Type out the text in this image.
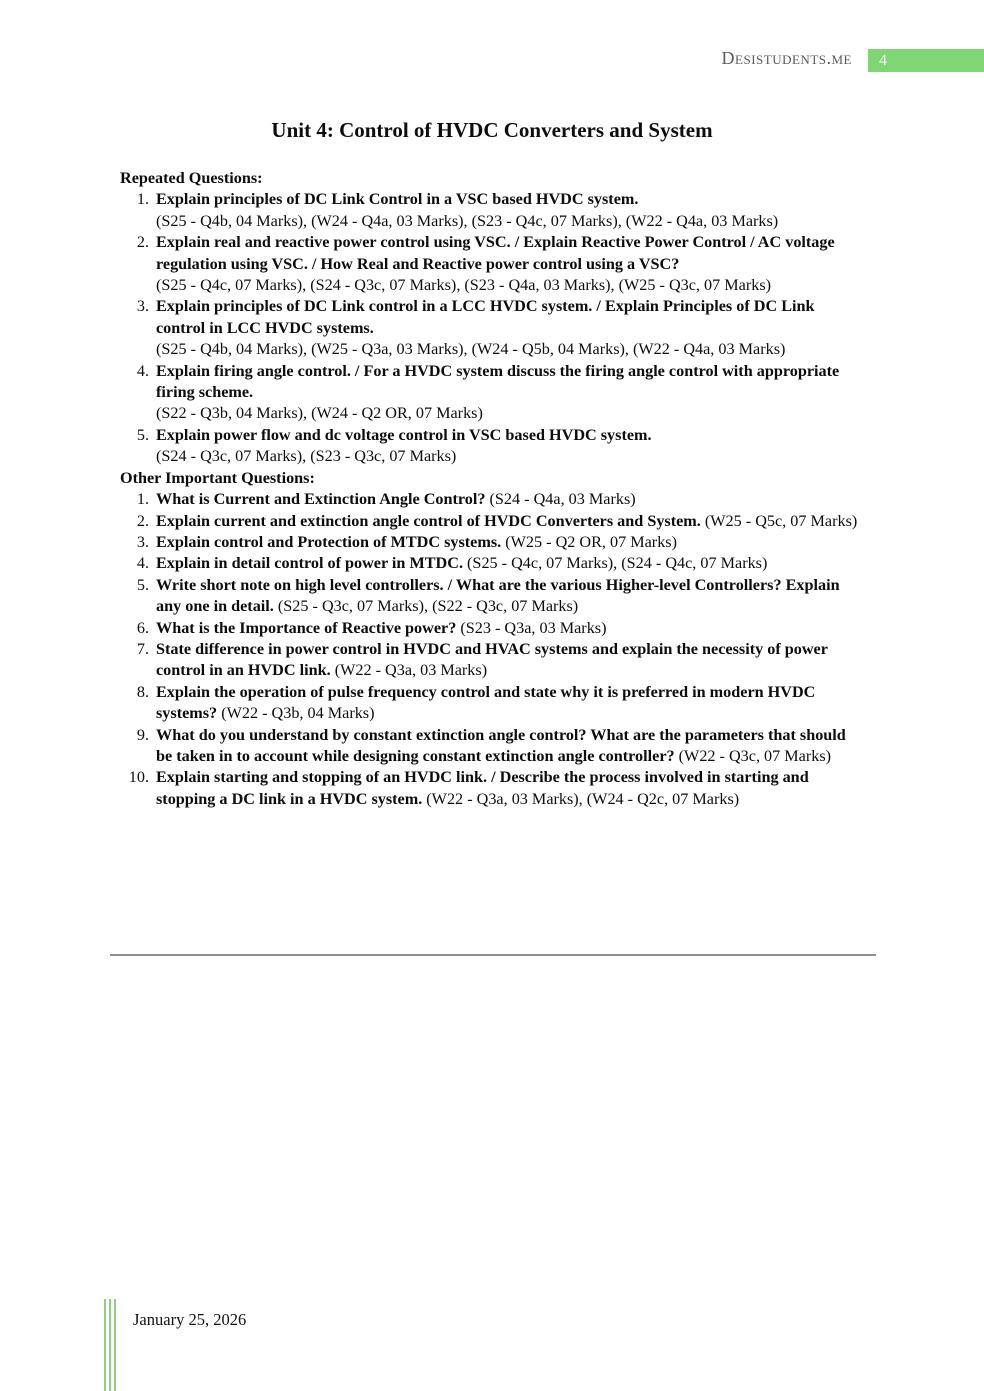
Desistudents.me 4
Unit 4: Control of HVDC Converters and System
Repeated Questions:
1. Explain principles of DC Link Control in a VSC based HVDC system.
(S25 - Q4b, 04 Marks), (W24 - Q4a, 03 Marks), (S23 - Q4c, 07 Marks), (W22 - Q4a, 03 Marks)
2. Explain real and reactive power control using VSC. / Explain Reactive Power Control / AC voltage regulation using VSC. / How Real and Reactive power control using a VSC?
(S25 - Q4c, 07 Marks), (S24 - Q3c, 07 Marks), (S23 - Q4a, 03 Marks), (W25 - Q3c, 07 Marks)
3. Explain principles of DC Link control in a LCC HVDC system. / Explain Principles of DC Link control in LCC HVDC systems.
(S25 - Q4b, 04 Marks), (W25 - Q3a, 03 Marks), (W24 - Q5b, 04 Marks), (W22 - Q4a, 03 Marks)
4. Explain firing angle control. / For a HVDC system discuss the firing angle control with appropriate firing scheme.
(S22 - Q3b, 04 Marks), (W24 - Q2 OR, 07 Marks)
5. Explain power flow and dc voltage control in VSC based HVDC system.
(S24 - Q3c, 07 Marks), (S23 - Q3c, 07 Marks)
Other Important Questions:
1. What is Current and Extinction Angle Control? (S24 - Q4a, 03 Marks)
2. Explain current and extinction angle control of HVDC Converters and System. (W25 - Q5c, 07 Marks)
3. Explain control and Protection of MTDC systems. (W25 - Q2 OR, 07 Marks)
4. Explain in detail control of power in MTDC. (S25 - Q4c, 07 Marks), (S24 - Q4c, 07 Marks)
5. Write short note on high level controllers. / What are the various Higher-level Controllers? Explain any one in detail. (S25 - Q3c, 07 Marks), (S22 - Q3c, 07 Marks)
6. What is the Importance of Reactive power? (S23 - Q3a, 03 Marks)
7. State difference in power control in HVDC and HVAC systems and explain the necessity of power control in an HVDC link. (W22 - Q3a, 03 Marks)
8. Explain the operation of pulse frequency control and state why it is preferred in modern HVDC systems? (W22 - Q3b, 04 Marks)
9. What do you understand by constant extinction angle control? What are the parameters that should be taken in to account while designing constant extinction angle controller? (W22 - Q3c, 07 Marks)
10. Explain starting and stopping of an HVDC link. / Describe the process involved in starting and stopping a DC link in a HVDC system. (W22 - Q3a, 03 Marks), (W24 - Q2c, 07 Marks)
January 25, 2026
